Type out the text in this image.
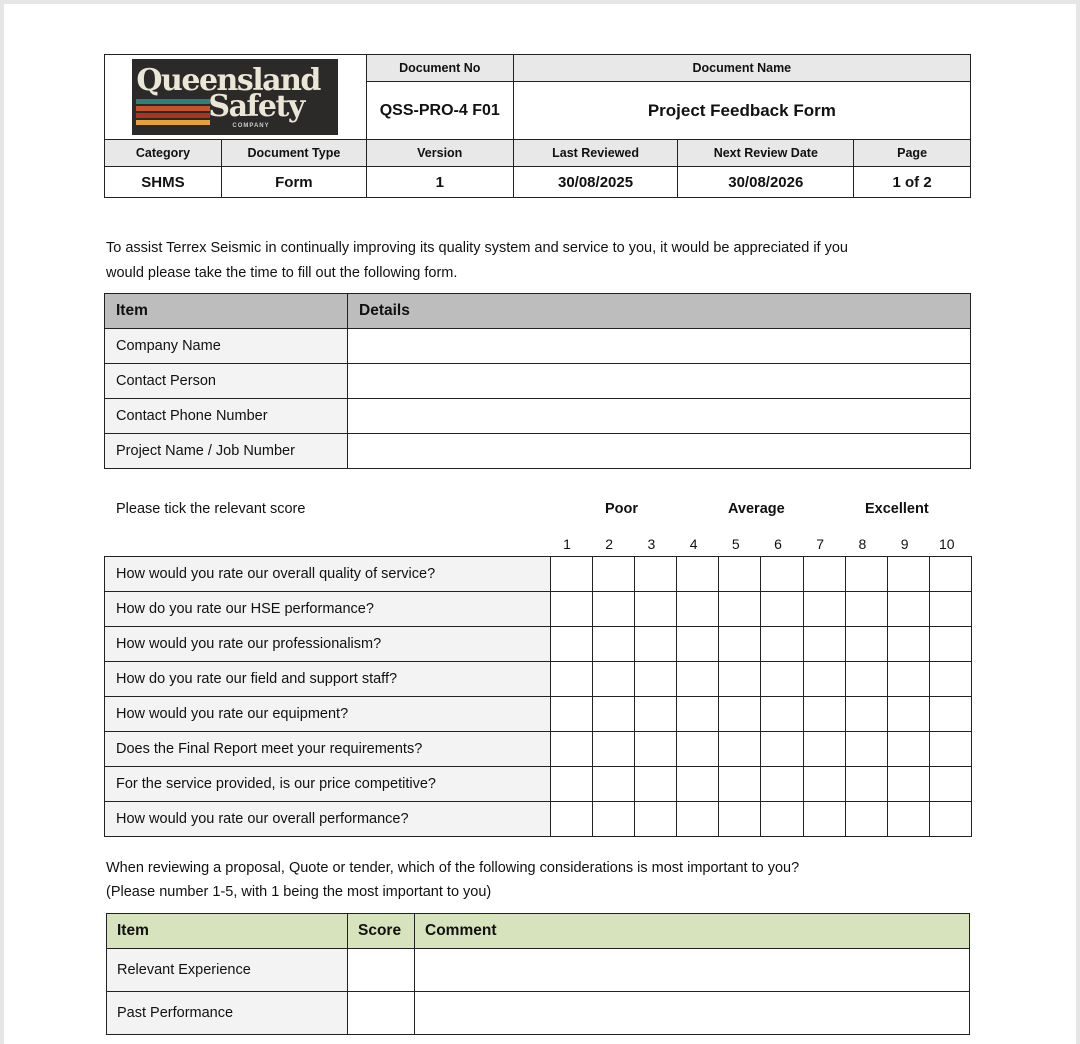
Queensland
Safety
COMPANY		Document No	Document Name		
		QSS-PRO-4 F01	Project Feedback Form		
Category	Document Type	Version	Last Reviewed	Next Review Date	Page
SHMS	Form	1	30/08/2025	30/08/2026	1 of 2

To assist Terrex Seismic in continually improving its quality system and service to you, it would be appreciated if you

would please take the time to fill out the following form.

Item	Details
Company Name	
Contact Person	
Contact Phone Number	
Project Name / Job Number	

Please tick the relevant score	Poor	Average	Excellent
1	2	3	4	5	6	7	8	9	10
How would you rate our overall quality of service?										
How do you rate our HSE performance?										
How would you rate our professionalism?										
How do you rate our field and support staff?										
How would you rate our equipment?										
Does the Final Report meet your requirements?										
For the service provided, is our price competitive?										
How would you rate our overall performance?										

When reviewing a proposal, Quote or tender, which of the following considerations is most important to you?

(Please number 1-5, with 1 being the most important to you)

Item	Score	Comment
Relevant Experience		
Past Performance		
